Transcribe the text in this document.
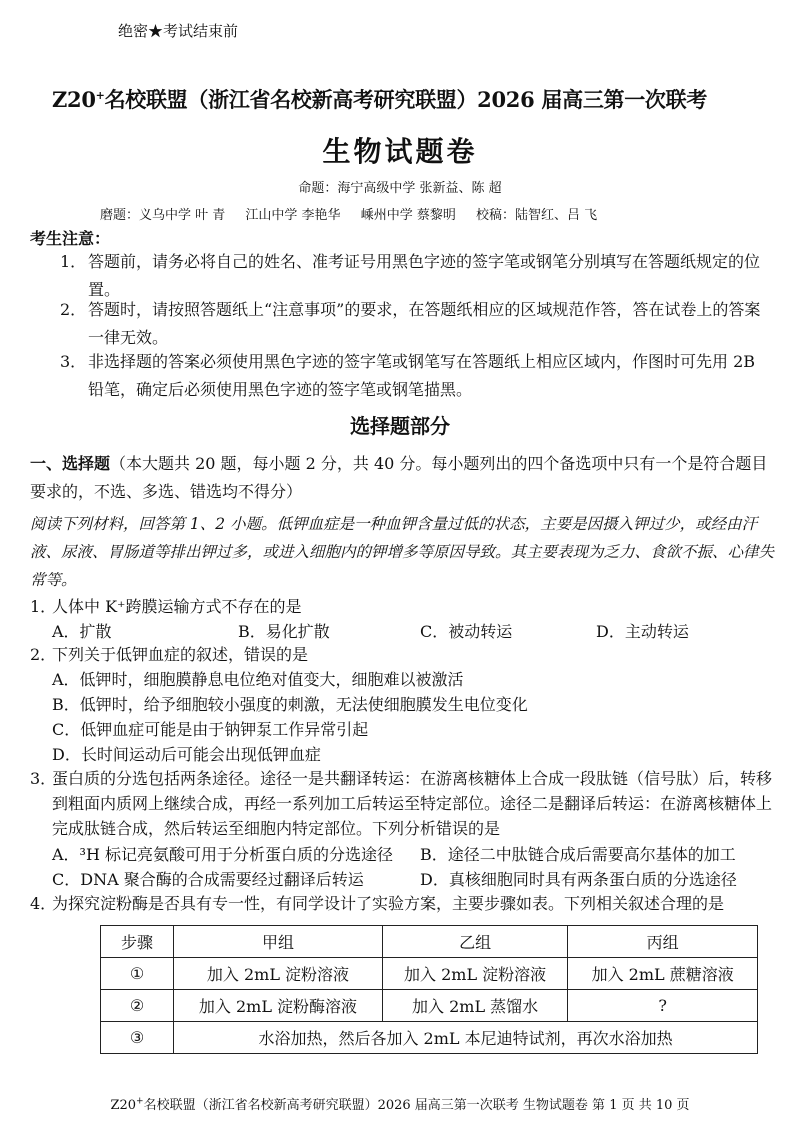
绝密★考试结束前
Z20+名校联盟（浙江省名校新高考研究联盟）2026 届高三第一次联考
生物试题卷
命题：海宁高级中学 张新益、陈 超
磨题：义乌中学 叶 青 江山中学 李艳华 嵊州中学 蔡黎明 校稿：陆智红、吕 飞
考生注意：
1． 答题前，请务必将自己的姓名、准考证号用黑色字迹的签字笔或钢笔分别填写在答题纸规定的位置。
2． 答题时，请按照答题纸上“注意事项”的要求，在答题纸相应的区域规范作答，答在试卷上的答案一律无效。
3． 非选择题的答案必须使用黑色字迹的签字笔或钢笔写在答题纸上相应区域内，作图时可先用 2B 铅笔，确定后必须使用黑色字迹的签字笔或钢笔描黑。
选择题部分
一、选择题（本大题共 20 题，每小题 2 分，共 40 分。每小题列出的四个备选项中只有一个是符合题目要求的，不选、多选、错选均不得分）
阅读下列材料，回答第 1、2 小题。低钾血症是一种血钾含量过低的状态，主要是因摄入钾过少，或经由汗液、尿液、胃肠道等排出钾过多，或进入细胞内的钾增多等原因导致。其主要表现为乏力、食欲不振、心律失常等。
1．
人体中 K⁺跨膜运输方式不存在的是
A．扩散	B．易化扩散	C．被动转运	D．主动转运
2．
下列关于低钾血症的叙述，错误的是
A．低钾时，细胞膜静息电位绝对值变大，细胞难以被激活
B．低钾时，给予细胞较小强度的刺激，无法使细胞膜发生电位变化
C．低钾血症可能是由于钠钾泵工作异常引起
D．长时间运动后可能会出现低钾血症
3．
蛋白质的分选包括两条途径。途径一是共翻译转运：在游离核糖体上合成一段肽链（信号肽）后，转移到粗面内质网上继续合成，再经一系列加工后转运至特定部位。途径二是翻译后转运：在游离核糖体上完成肽链合成，然后转运至细胞内特定部位。下列分析错误的是
A．³H 标记亮氨酸可用于分析蛋白质的分选途径 B．途径二中肽链合成后需要高尔基体的加工
C．DNA 聚合酶的合成需要经过翻译后转运	D．真核细胞同时具有两条蛋白质的分选途径
4．
为探究淀粉酶是否具有专一性，有同学设计了实验方案，主要步骤如表。下列相关叙述合理的是
步骤	甲组	乙组	丙组
①	加入 2mL 淀粉溶液	加入 2mL 淀粉溶液	加入 2mL 蔗糖溶液
②	加入 2mL 淀粉酶溶液	加入 2mL 蒸馏水	?
③	水浴加热，然后各加入 2mL 本尼迪特试剂，再次水浴加热		
Z20+名校联盟（浙江省名校新高考研究联盟）2026 届高三第一次联考 生物试题卷 第 1 页 共 10 页
